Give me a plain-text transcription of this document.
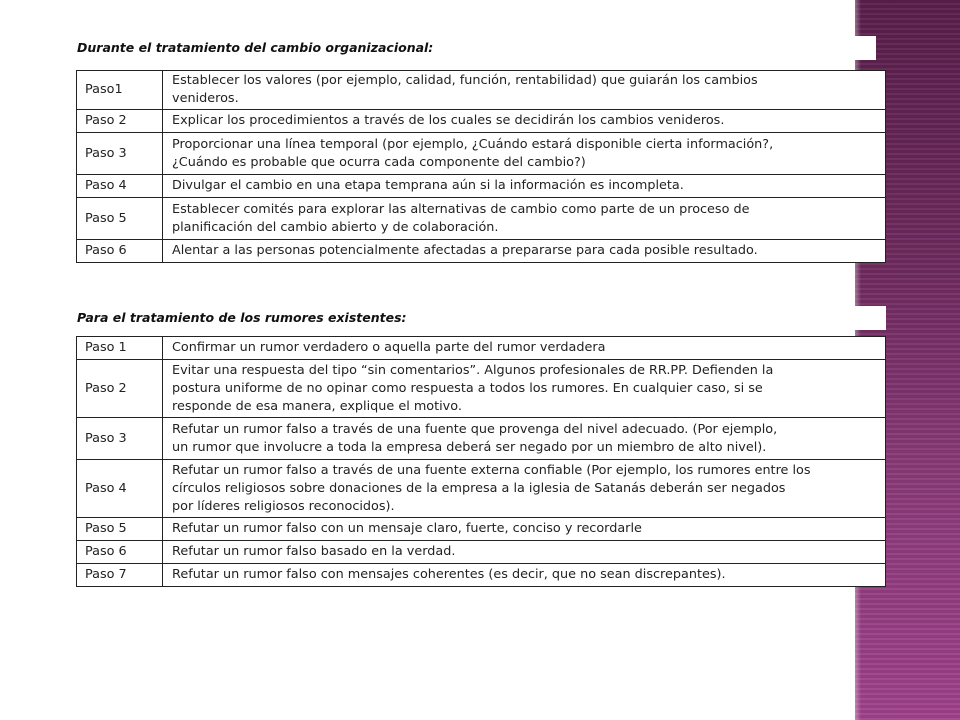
Durante el tratamiento del cambio organizacional:
Paso1	Establecer los valores (por ejemplo, calidad, función, rentabilidad) que guiarán los cambios
venideros.

Paso 2	Explicar los procedimientos a través de los cuales se decidirán los cambios venideros.

Paso 3	Proporcionar una línea temporal (por ejemplo, ¿Cuándo estará disponible cierta información?,
¿Cuándo es probable que ocurra cada componente del cambio?)

Paso 4	Divulgar el cambio en una etapa temprana aún si la información es incompleta.

Paso 5	Establecer comités para explorar las alternativas de cambio como parte de un proceso de
planificación del cambio abierto y de colaboración.

Paso 6	Alentar a las personas potencialmente afectadas a prepararse para cada posible resultado.
Para el tratamiento de los rumores existentes:
Paso 1	Confirmar un rumor verdadero o aquella parte del rumor verdadera

Paso 2	Evitar una respuesta del tipo “sin comentarios”. Algunos profesionales de RR.PP. Defienden la
postura uniforme de no opinar como respuesta a todos los rumores. En cualquier caso, si se
responde de esa manera, explique el motivo.

Paso 3	Refutar un rumor falso a través de una fuente que provenga del nivel adecuado. (Por ejemplo,
un rumor que involucre a toda la empresa deberá ser negado por un miembro de alto nivel).

Paso 4	Refutar un rumor falso a través de una fuente externa confiable (Por ejemplo, los rumores entre los
círculos religiosos sobre donaciones de la empresa a la iglesia de Satanás deberán ser negados
por líderes religiosos reconocidos).

Paso 5	Refutar un rumor falso con un mensaje claro, fuerte, conciso y recordarle

Paso 6	Refutar un rumor falso basado en la verdad.

Paso 7	Refutar un rumor falso con mensajes coherentes (es decir, que no sean discrepantes).
